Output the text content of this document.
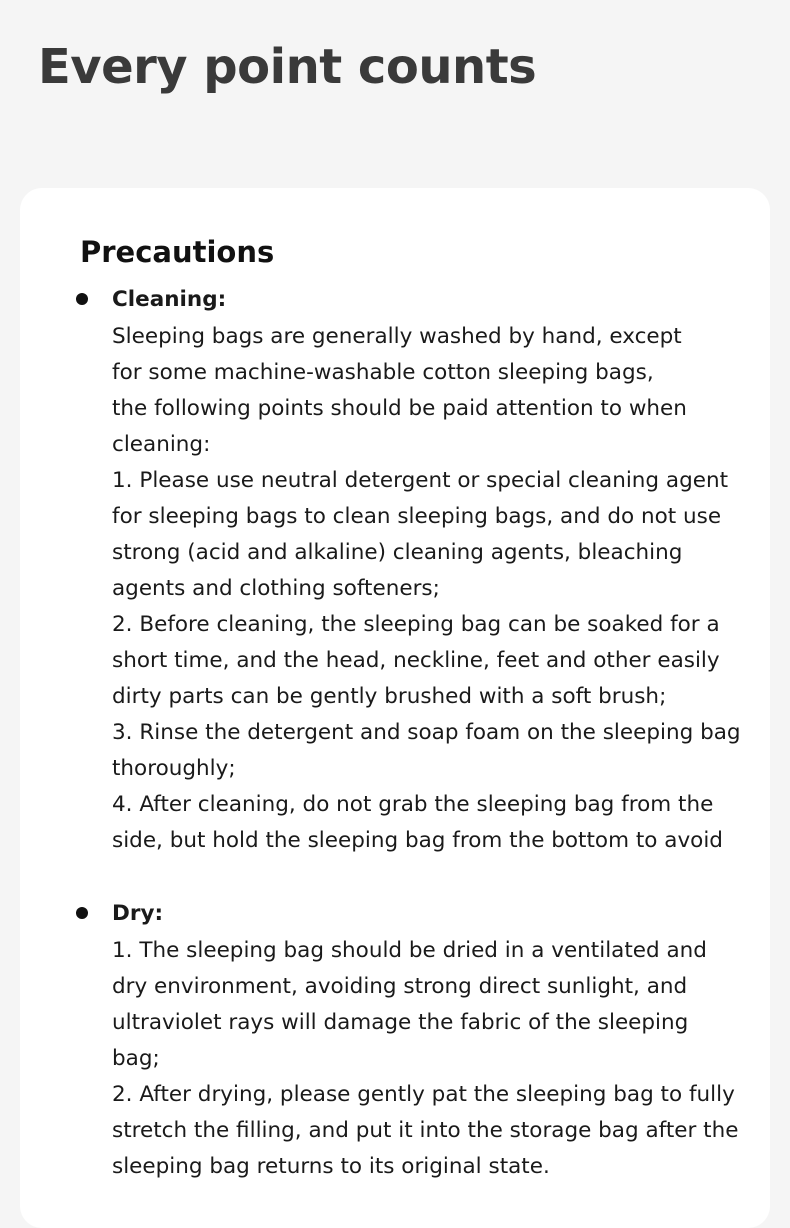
Every point counts
Precautions
Cleaning:
Sleeping bags are generally washed by hand, except
for some machine-washable cotton sleeping bags,
the following points should be paid attention to when
cleaning:
1. Please use neutral detergent or special cleaning agent
for sleeping bags to clean sleeping bags, and do not use
strong (acid and alkaline) cleaning agents, bleaching
agents and clothing softeners;
2. Before cleaning, the sleeping bag can be soaked for a
short time, and the head, neckline, feet and other easily
dirty parts can be gently brushed with a soft brush;
3. Rinse the detergent and soap foam on the sleeping bag
thoroughly;
4. After cleaning, do not grab the sleeping bag from the
side, but hold the sleeping bag from the bottom to avoid
Dry:
1. The sleeping bag should be dried in a ventilated and
dry environment, avoiding strong direct sunlight, and
ultraviolet rays will damage the fabric of the sleeping
bag;
2. After drying, please gently pat the sleeping bag to fully
stretch the filling, and put it into the storage bag after the
sleeping bag returns to its original state.
